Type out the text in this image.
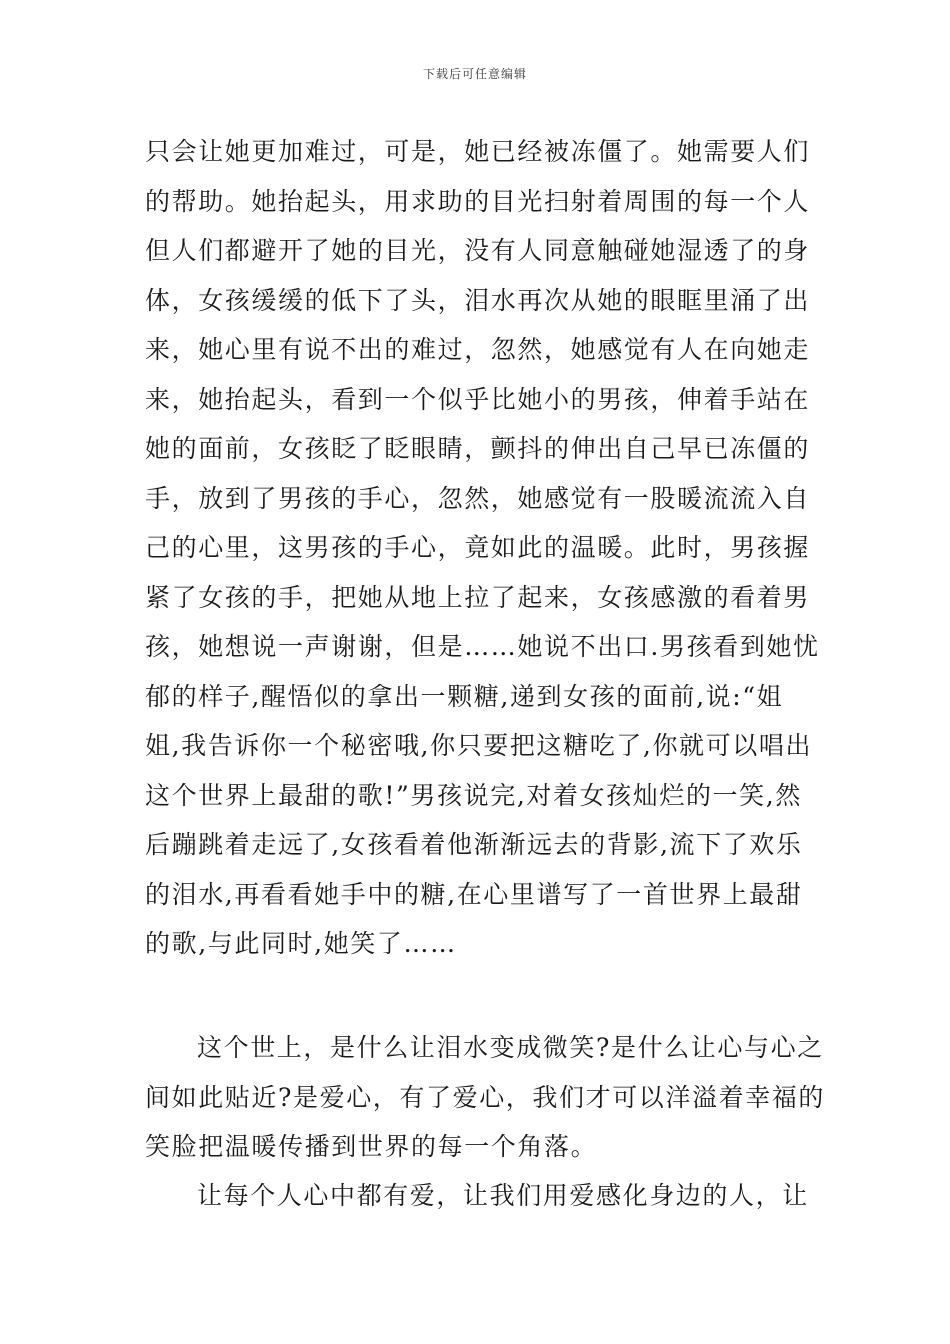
下载后可任意编辑
只会让她更加难过，可是，她已经被冻僵了。她需要人们
的帮助。她抬起头，用求助的目光扫射着周围的每一个人
但人们都避开了她的目光，没有人同意触碰她湿透了的身
体，女孩缓缓的低下了头，泪水再次从她的眼眶里涌了出
来，她心里有说不出的难过，忽然，她感觉有人在向她走
来，她抬起头，看到一个似乎比她小的男孩，伸着手站在
她的面前，女孩眨了眨眼睛，颤抖的伸出自己早已冻僵的
手，放到了男孩的手心，忽然，她感觉有一股暖流流入自
己的心里，这男孩的手心，竟如此的温暖。此时，男孩握
紧了女孩的手，把她从地上拉了起来，女孩感激的看着男
孩，她想说一声谢谢，但是……她说不出口.男孩看到她忧
郁的样子,醒悟似的拿出一颗糖,递到女孩的面前,说:“姐
姐,我告诉你一个秘密哦,你只要把这糖吃了,你就可以唱出
这个世界上最甜的歌!”男孩说完,对着女孩灿烂的一笑,然
后蹦跳着走远了,女孩看着他渐渐远去的背影,流下了欢乐
的泪水,再看看她手中的糖,在心里谱写了一首世界上最甜
的歌,与此同时,她笑了……
这个世上，是什么让泪水变成微笑?是什么让心与心之
间如此贴近?是爱心，有了爱心，我们才可以洋溢着幸福的
笑脸把温暖传播到世界的每一个角落。
让每个人心中都有爱，让我们用爱感化身边的人，让
